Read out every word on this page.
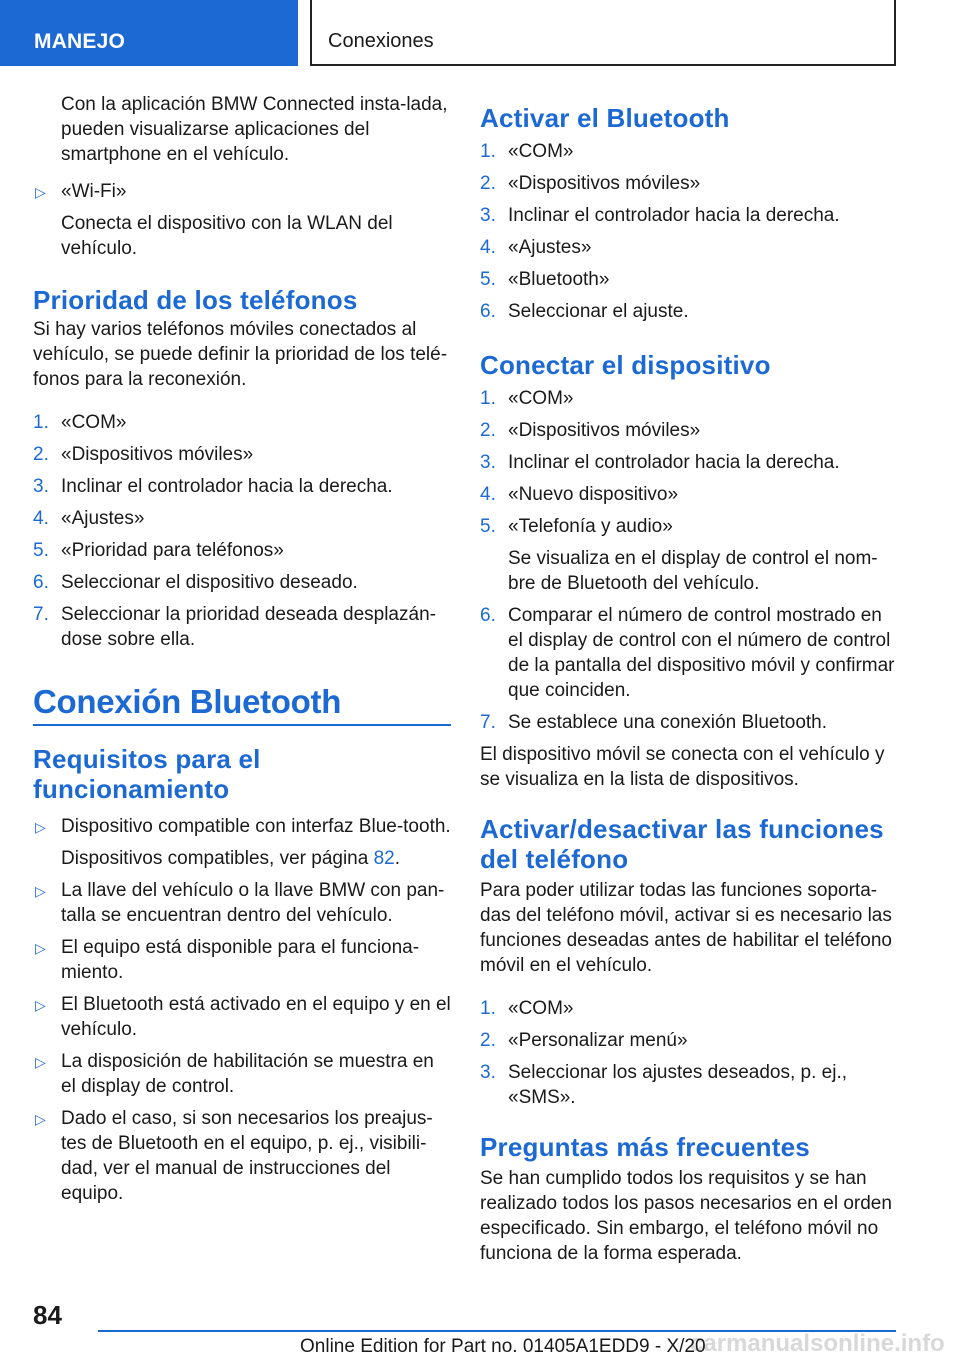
MANEJO	Conexiones

Con la aplicación BMW Connected insta‐lada, pueden visualizarse aplicaciones del smartphone en el vehículo.

▷ «Wi-Fi»
Conecta el dispositivo con la WLAN del vehículo.
Prioridad de los teléfonos

Si hay varios teléfonos móviles conectados al vehículo, se puede definir la prioridad de los telé‐fonos para la reconexión.

1. «COM»
2. «Dispositivos móviles»
3. Inclinar el controlador hacia la derecha.
4. «Ajustes»
5. «Prioridad para teléfonos»
6. Seleccionar el dispositivo deseado.
7. Seleccionar la prioridad deseada desplazán‐dose sobre ella.
Conexión Bluetooth
Requisitos para el funcionamiento
▷ Dispositivo compatible con interfaz Blue‐tooth.
Dispositivos compatibles, ver página 82.
▷ La llave del vehículo o la llave BMW con pan‐talla se encuentran dentro del vehículo.
▷ El equipo está disponible para el funciona‐miento.
▷ El Bluetooth está activado en el equipo y en el vehículo.
▷ La disposición de habilitación se muestra en el display de control.
▷ Dado el caso, si son necesarios los preajus‐tes de Bluetooth en el equipo, p. ej., visibili‐dad, ver el manual de instrucciones del equipo.
Activar el Bluetooth
1. «COM»
2. «Dispositivos móviles»
3. Inclinar el controlador hacia la derecha.
4. «Ajustes»
5. «Bluetooth»
6. Seleccionar el ajuste.
Conectar el dispositivo
1. «COM»
2. «Dispositivos móviles»
3. Inclinar el controlador hacia la derecha.
4. «Nuevo dispositivo»
5. «Telefonía y audio»
Se visualiza en el display de control el nom‐bre de Bluetooth del vehículo.
6. Comparar el número de control mostrado en el display de control con el número de control de la pantalla del dispositivo móvil y confirmar que coinciden.
7. Se establece una conexión Bluetooth.

El dispositivo móvil se conecta con el vehículo y se visualiza en la lista de dispositivos.

Activar/desactivar las funciones del teléfono

Para poder utilizar todas las funciones soporta‐das del teléfono móvil, activar si es necesario las funciones deseadas antes de habilitar el teléfono móvil en el vehículo.

1. «COM»
2. «Personalizar menú»
3. Seleccionar los ajustes deseados, p. ej., «SMS».
Preguntas más frecuentes

Se han cumplido todos los requisitos y se han realizado todos los pasos necesarios en el orden especificado. Sin embargo, el teléfono móvil no funciona de la forma esperada.

84
carmanualsonline.info
Online Edition for Part no. 01405A1EDD9 - X/20
